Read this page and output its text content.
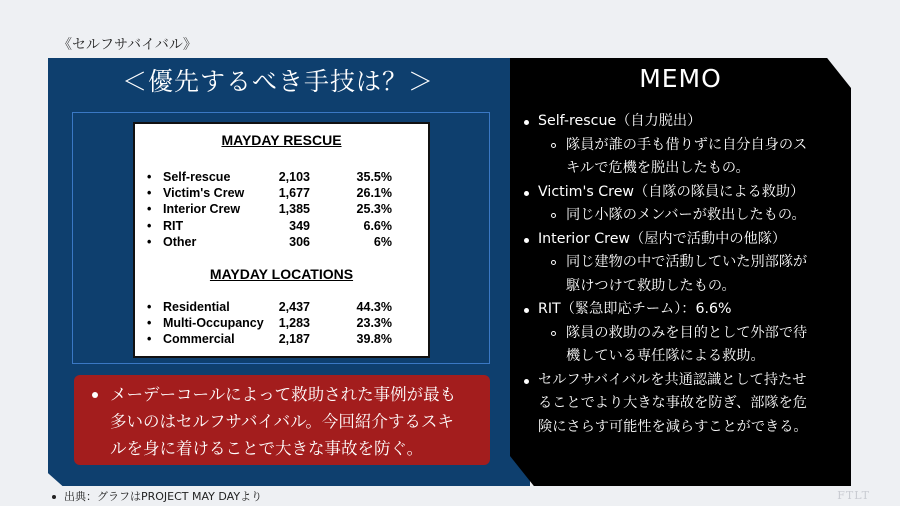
《セルフサバイバル》
＜優先するべき手技は？＞
MAYDAY RESCUE
• Self-rescue	2,103	35.5%
• Victim's Crew	1,677	26.1%
• Interior Crew	1,385	25.3%
• RIT	349	6.6%
• Other	306	6%
MAYDAY LOCATIONS
• Residential	2,437	44.3%
• Multi-Occupancy 1,283	23.3%
• Commercial	2,187	39.8%
メーデーコールによって救助された事例が最も
多いのはセルフサバイバル。今回紹介するスキ
ルを身に着けることで大きな事故を防ぐ。
MEMO
Self-rescue（自力脱出）
隊員が誰の手も借りずに自分自身のス
キルで危機を脱出したもの。
Victim's Crew（自隊の隊員による救助）
同じ小隊のメンバーが救出したもの。
Interior Crew（屋内で活動中の他隊）
同じ建物の中で活動していた別部隊が
駆けつけて救助したもの。
RIT（緊急即応チーム）：6.6%
隊員の救助のみを目的として外部で待
機している専任隊による救助。
セルフサバイバルを共通認識として持たせ
ることでより大きな事故を防ぎ、部隊を危
険にさらす可能性を減らすことができる。
出典：グラフはPROJECT MAY DAYより	FTLT
